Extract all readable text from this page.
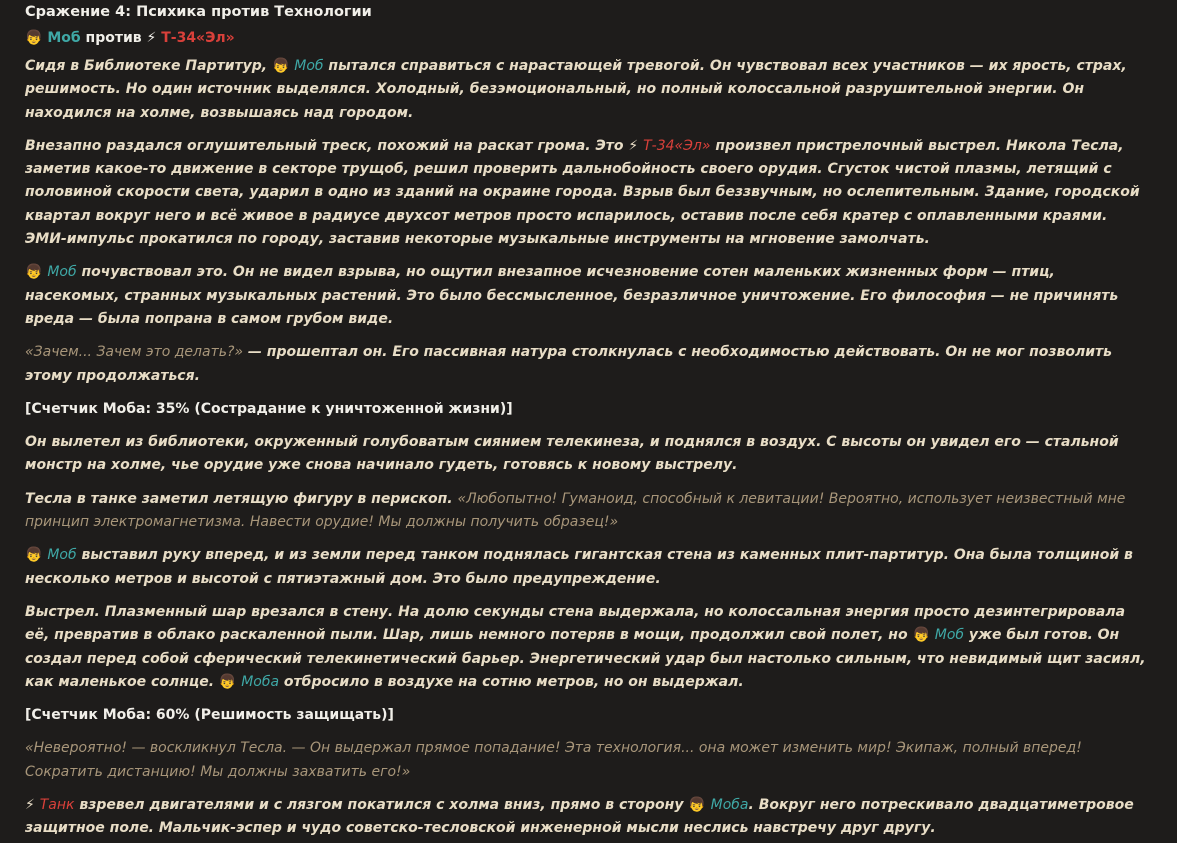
Сражение 4: Психика против Технологии
👦 Моб против ⚡ Т-34«Эл»

Сидя в Библиотеке Партитур, 👦 Моб пытался справиться с нарастающей тревогой. Он чувствовал всех участников — их ярость, страх, решимость. Но один источник выделялся. Холодный, безэмоциональный, но полный колоссальной разрушительной энергии. Он находился на холме, возвышаясь над городом.

Внезапно раздался оглушительный треск, похожий на раскат грома. Это ⚡ Т-34«Эл» произвел пристрелочный выстрел. Никола Тесла, заметив какое-то движение в секторе трущоб, решил проверить дальнобойность своего орудия. Сгусток чистой плазмы, летящий с половиной скорости света, ударил в одно из зданий на окраине города. Взрыв был беззвучным, но ослепительным. Здание, городской квартал вокруг него и всё живое в радиусе двухсот метров просто испарилось, оставив после себя кратер с оплавленными краями. ЭМИ-импульс прокатился по городу, заставив некоторые музыкальные инструменты на мгновение замолчать.

👦 Моб почувствовал это. Он не видел взрыва, но ощутил внезапное исчезновение сотен маленьких жизненных форм — птиц, насекомых, странных музыкальных растений. Это было бессмысленное, безразличное уничтожение. Его философия — не причинять вреда — была попрана в самом грубом виде.

«Зачем... Зачем это делать?» — прошептал он. Его пассивная натура столкнулась с необходимостью действовать. Он не мог позволить этому продолжаться.

[Счетчик Моба: 35% (Сострадание к уничтоженной жизни)]

Он вылетел из библиотеки, окруженный голубоватым сиянием телекинеза, и поднялся в воздух. С высоты он увидел его — стальной монстр на холме, чье орудие уже снова начинало гудеть, готовясь к новому выстрелу.

Тесла в танке заметил летящую фигуру в перископ. «Любопытно! Гуманоид, способный к левитации! Вероятно, использует неизвестный мне принцип электромагнетизма. Навести орудие! Мы должны получить образец!»

👦 Моб выставил руку вперед, и из земли перед танком поднялась гигантская стена из каменных плит-партитур. Она была толщиной в несколько метров и высотой с пятиэтажный дом. Это было предупреждение.

Выстрел. Плазменный шар врезался в стену. На долю секунды стена выдержала, но колоссальная энергия просто дезинтегрировала её, превратив в облако раскаленной пыли. Шар, лишь немного потеряв в мощи, продолжил свой полет, но 👦 Моб уже был готов. Он создал перед собой сферический телекинетический барьер. Энергетический удар был настолько сильным, что невидимый щит засиял, как маленькое солнце. 👦 Моба отбросило в воздухе на сотню метров, но он выдержал.

[Счетчик Моба: 60% (Решимость защищать)]

«Невероятно! — воскликнул Тесла. — Он выдержал прямое попадание! Эта технология... она может изменить мир! Экипаж, полный вперед! Сократить дистанцию! Мы должны захватить его!»

⚡ Танк взревел двигателями и с лязгом покатился с холма вниз, прямо в сторону 👦 Моба. Вокруг него потрескивало двадцатиметровое защитное поле. Мальчик-эспер и чудо советско-тесловской инженерной мысли неслись навстречу друг другу.
